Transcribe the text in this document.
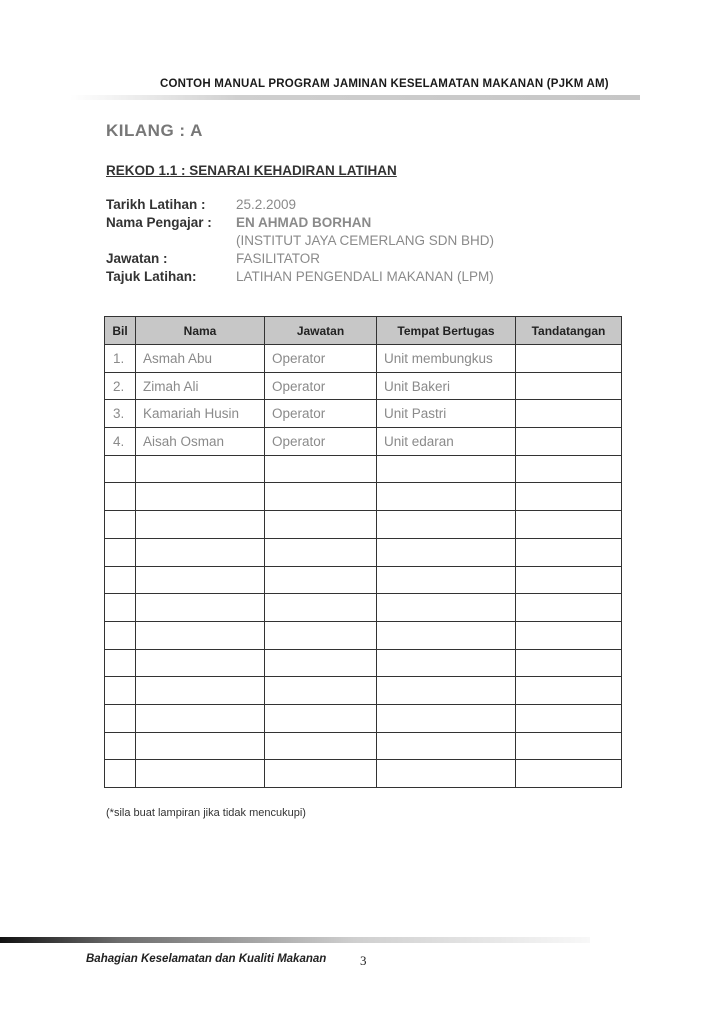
CONTOH MANUAL PROGRAM JAMINAN KESELAMATAN MAKANAN (PJKM AM)
KILANG : A
REKOD 1.1 : SENARAI KEHADIRAN LATIHAN
Tarikh Latihan : 25.2.2009
Nama Pengajar : EN AHMAD BORHAN
(INSTITUT JAYA CEMERLANG SDN BHD)
Jawatan :	FASILITATOR
Tajuk Latihan:	LATIHAN PENGENDALI MAKANAN (LPM)
Bil	Nama	Jawatan	Tempat Bertugas	Tandatangan
1.	Asmah Abu	Operator	Unit membungkus	
2.	Zimah Ali	Operator	Unit Bakeri	
3.	Kamariah Husin	Operator	Unit Pastri	
4.	Aisah Osman	Operator	Unit edaran	

(*sila buat lampiran jika tidak mencukupi)
Bahagian Keselamatan dan Kualiti Makanan	3
